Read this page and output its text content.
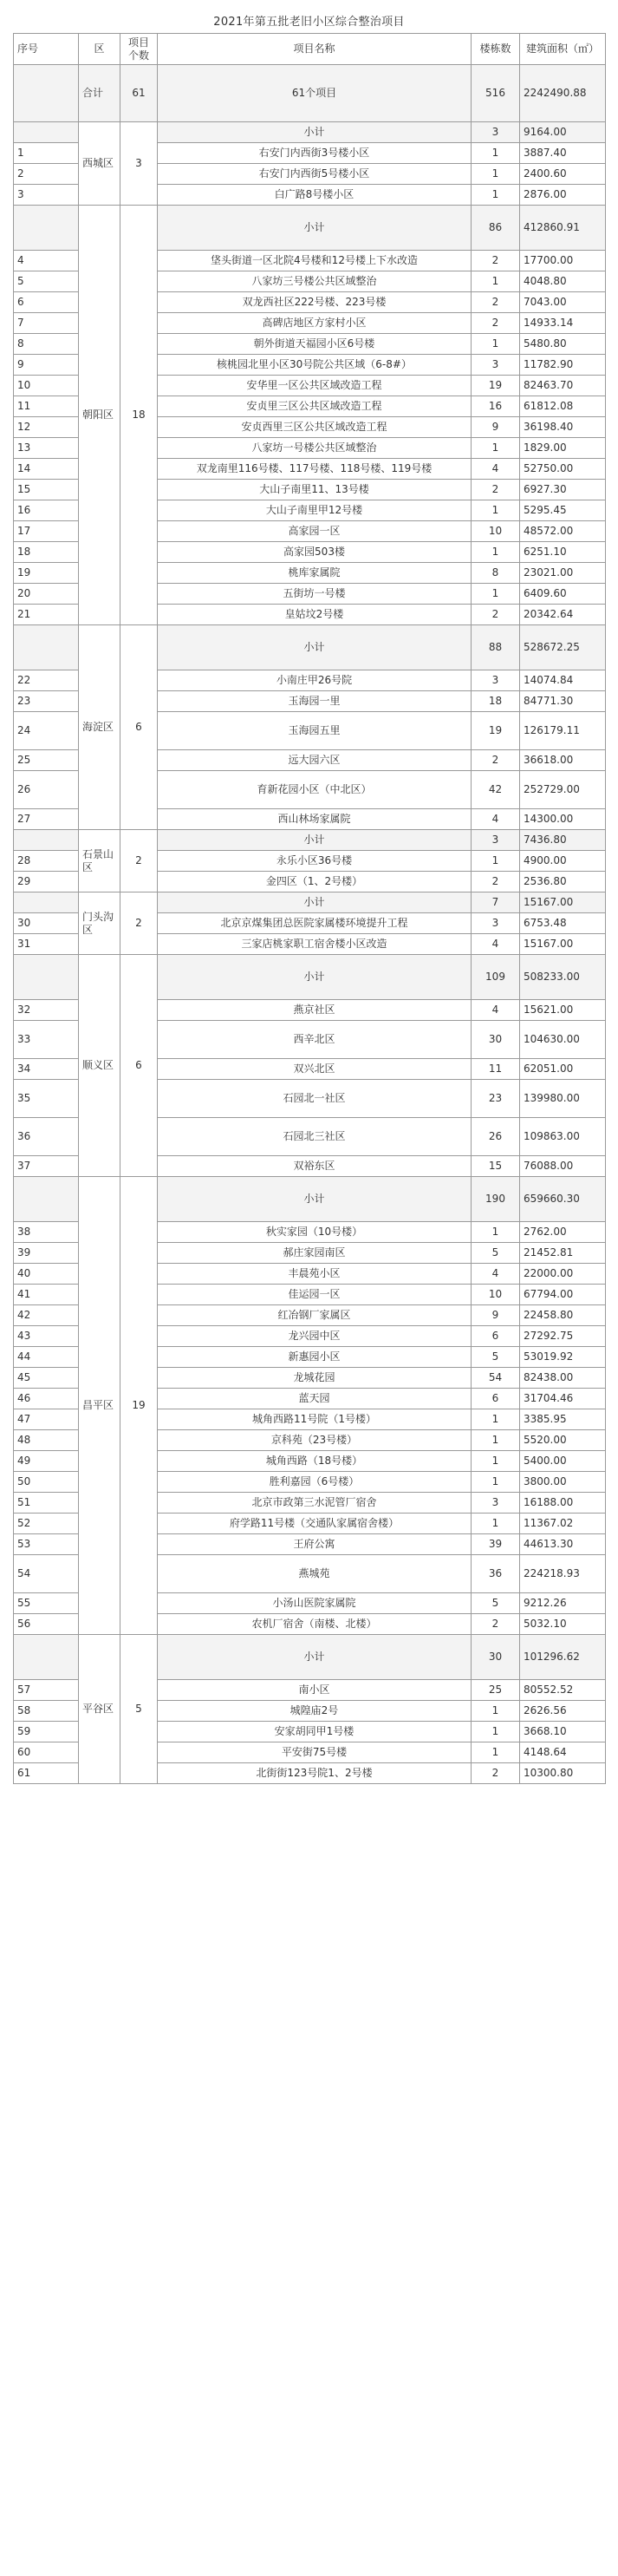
2021年第五批老旧小区综合整治项目
序号	区	项目个数	项目名称	楼栋数	建筑面积（㎡）
	合计	61	61个项目	516	2242490.88
	西城区	3	小计	3	9164.00
1			右安门内西街3号楼小区	1	3887.40
2			右安门内西街5号楼小区	1	2400.60
3			白广路8号楼小区	1	2876.00
	朝阳区	18	小计	86	412860.91
4			垡头街道一区北院4号楼和12号楼上下水改造	2	17700.00
5			八家坊三号楼公共区域整治	1	4048.80
6			双龙西社区222号楼、223号楼	2	7043.00
7			高碑店地区方家村小区	2	14933.14
8			朝外街道天福园小区6号楼	1	5480.80
9			核桃园北里小区30号院公共区域（6-8#）	3	11782.90
10			安华里一区公共区域改造工程	19	82463.70
11			安贞里三区公共区域改造工程	16	61812.08
12			安贞西里三区公共区域改造工程	9	36198.40
13			八家坊一号楼公共区域整治	1	1829.00
14			双龙南里116号楼、117号楼、118号楼、119号楼	4	52750.00
15			大山子南里11、13号楼	2	6927.30
16			大山子南里甲12号楼	1	5295.45
17			高家园一区	10	48572.00
18			高家园503楼	1	6251.10
19			桃库家属院	8	23021.00
20			五街坊一号楼	1	6409.60
21			皇姑坟2号楼	2	20342.64
	海淀区	6	小计	88	528672.25
22			小南庄甲26号院	3	14074.84
23			玉海园一里	18	84771.30
24			玉海园五里	19	126179.11
25			远大园六区	2	36618.00
26			育新花园小区（中北区）	42	252729.00
27			西山林场家属院	4	14300.00
	石景山区	2	小计	3	7436.80
28			永乐小区36号楼	1	4900.00
29			金四区（1、2号楼）	2	2536.80
	门头沟区	2	小计	7	15167.00
30			北京京煤集团总医院家属楼环境提升工程	3	6753.48
31			三家店桃家职工宿舍楼小区改造	4	15167.00
	顺义区	6	小计	109	508233.00
32			燕京社区	4	15621.00
33			西辛北区	30	104630.00
34			双兴北区	11	62051.00
35			石园北一社区	23	139980.00
36			石园北三社区	26	109863.00
37			双裕东区	15	76088.00
	昌平区	19	小计	190	659660.30
38			秋实家园（10号楼）	1	2762.00
39			郝庄家园南区	5	21452.81
40			丰晨苑小区	4	22000.00
41			佳运园一区	10	67794.00
42			红冶钢厂家属区	9	22458.80
43			龙兴园中区	6	27292.75
44			新惠园小区	5	53019.92
45			龙城花园	54	82438.00
46			蓝天园	6	31704.46
47			城角西路11号院（1号楼）	1	3385.95
48			京科苑（23号楼）	1	5520.00
49			城角西路（18号楼）	1	5400.00
50			胜利嘉园（6号楼）	1	3800.00
51			北京市政第三水泥管厂宿舍	3	16188.00
52			府学路11号楼（交通队家属宿舍楼）	1	11367.02
53			王府公寓	39	44613.30
54			燕城苑	36	224218.93
55			小汤山医院家属院	5	9212.26
56			农机厂宿舍（南楼、北楼）	2	5032.10
	平谷区	5	小计	30	101296.62
57			南小区	25	80552.52
58			城隍庙2号	1	2626.56
59			安家胡同甲1号楼	1	3668.10
60			平安街75号楼	1	4148.64
61			北街街123号院1、2号楼	2	10300.80
